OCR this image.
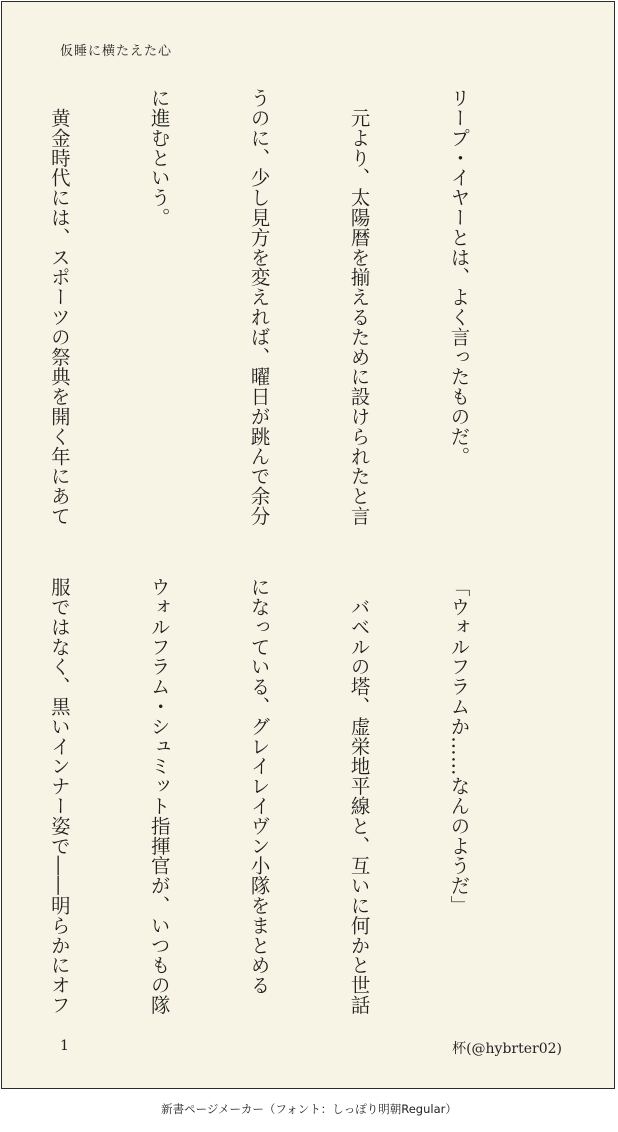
仮睡に横たえた心

リープ・イヤーとは、よく言ったものだ。

　元より、太陽暦を揃えるために設けられたと言

うのに、少し見方を変えれば、曜日が跳んで余分

に進むという。

　黄金時代には、スポーツの祭典を開く年にあて

「ウォルフラムか……なんのようだ」

　バベルの塔、虚栄地平線と、互いに何かと世話

になっている、グレイレイヴン小隊をまとめる

ウォルフラム・シュミット指揮官が、いつもの隊

服ではなく、黒いインナー姿で――明らかにオフ

1	杯(@hybrter02)
新書ページメーカー（フォント：しっぽり明朝Regular）
